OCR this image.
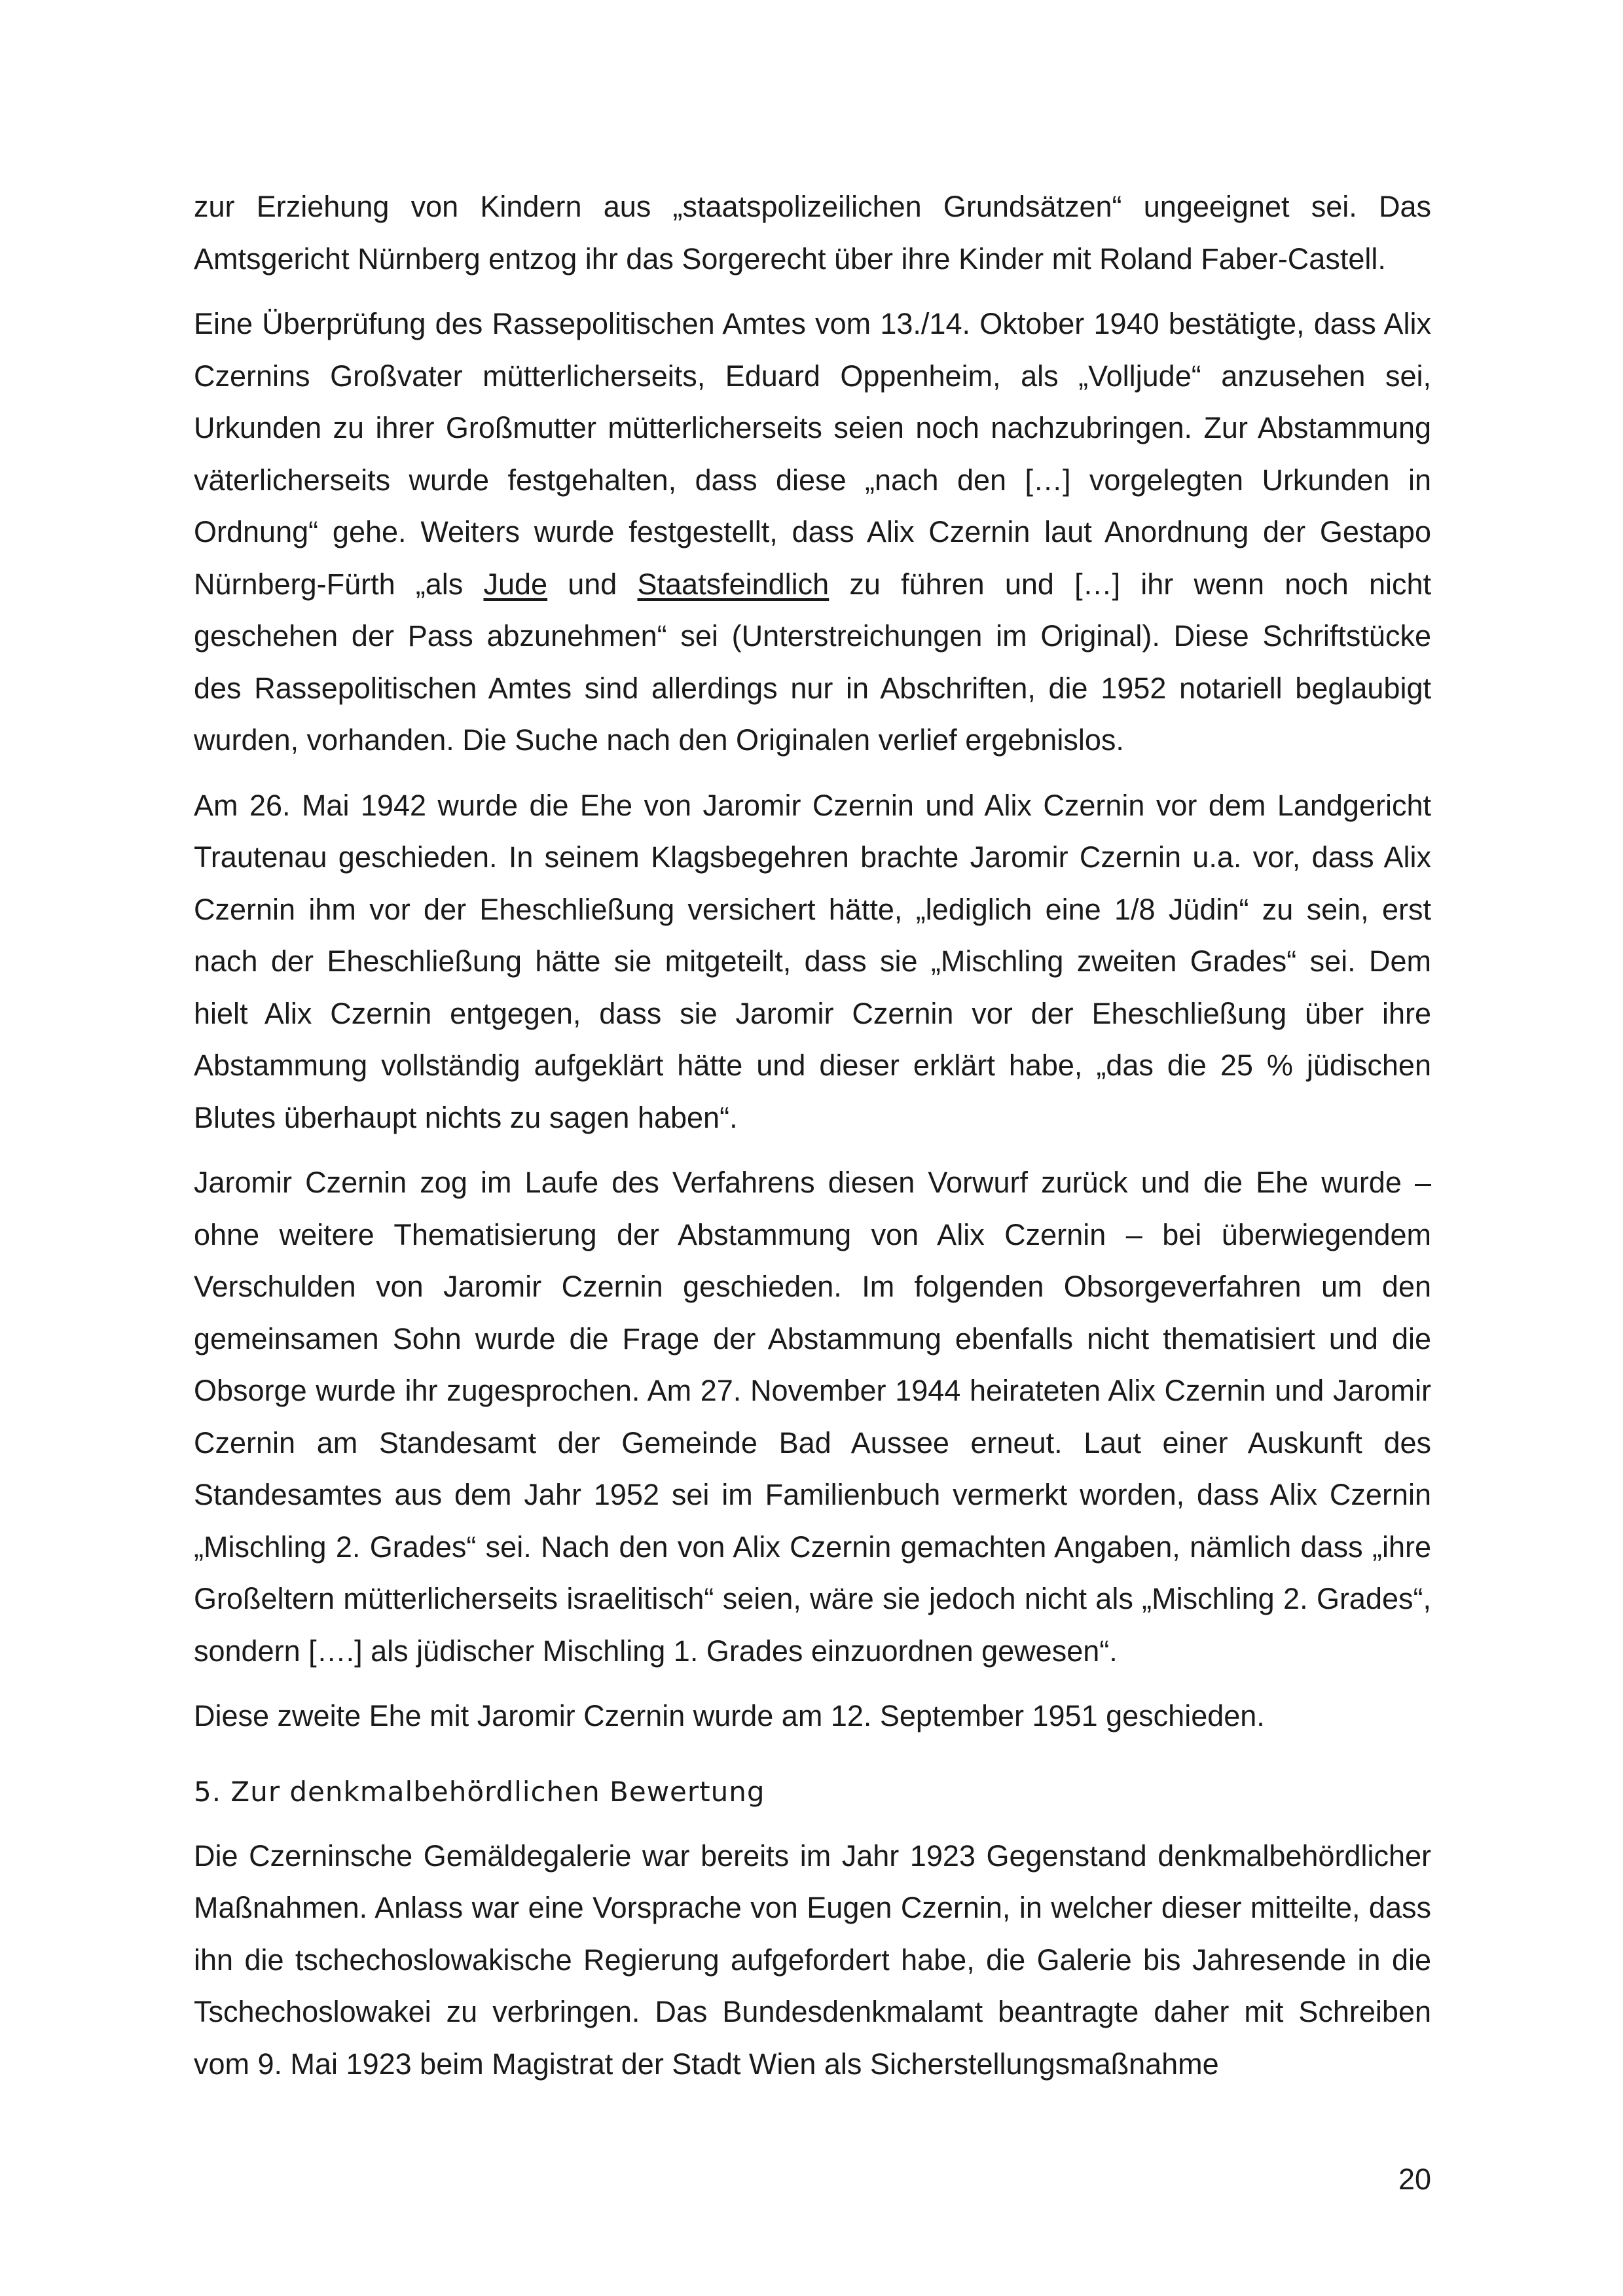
zur Erziehung von Kindern aus „staatspolizeilichen Grundsätzen“ ungeeignet sei. Das Amtsgericht Nürnberg entzog ihr das Sorgerecht über ihre Kinder mit Roland Faber-Castell.

Eine Überprüfung des Rassepolitischen Amtes vom 13./14. Oktober 1940 bestätigte, dass Alix Czernins Großvater mütterlicherseits, Eduard Oppenheim, als „Volljude“ anzusehen sei, Urkunden zu ihrer Großmutter mütterlicherseits seien noch nachzubringen. Zur Abstammung väterlicherseits wurde festgehalten, dass diese „nach den […] vorgelegten Urkunden in Ordnung“ gehe. Weiters wurde festgestellt, dass Alix Czernin laut Anordnung der Gestapo Nürnberg-Fürth „als Jude und Staatsfeindlich zu führen und […] ihr wenn noch nicht geschehen der Pass abzunehmen“ sei (Unterstreichungen im Original). Diese Schriftstücke des Rassepolitischen Amtes sind allerdings nur in Abschriften, die 1952 notariell beglaubigt wurden, vorhanden. Die Suche nach den Originalen verlief ergebnislos.

Am 26. Mai 1942 wurde die Ehe von Jaromir Czernin und Alix Czernin vor dem Landgericht Trautenau geschieden. In seinem Klagsbegehren brachte Jaromir Czernin u.a. vor, dass Alix Czernin ihm vor der Eheschließung versichert hätte, „lediglich eine 1/8 Jüdin“ zu sein, erst nach der Eheschließung hätte sie mitgeteilt, dass sie „Mischling zweiten Grades“ sei. Dem hielt Alix Czernin entgegen, dass sie Jaromir Czernin vor der Eheschließung über ihre Abstammung vollständig aufgeklärt hätte und dieser erklärt habe, „das die 25 % jüdischen Blutes überhaupt nichts zu sagen haben“.

Jaromir Czernin zog im Laufe des Verfahrens diesen Vorwurf zurück und die Ehe wurde – ohne weitere Thematisierung der Abstammung von Alix Czernin – bei überwiegendem Verschulden von Jaromir Czernin geschieden. Im folgenden Obsorgeverfahren um den gemeinsamen Sohn wurde die Frage der Abstammung ebenfalls nicht thematisiert und die Obsorge wurde ihr zugesprochen. Am 27. November 1944 heirateten Alix Czernin und Jaromir Czernin am Standesamt der Gemeinde Bad Aussee erneut. Laut einer Auskunft des Standesamtes aus dem Jahr 1952 sei im Familienbuch vermerkt worden, dass Alix Czernin „Mischling 2. Grades“ sei. Nach den von Alix Czernin gemachten Angaben, nämlich dass „ihre Großeltern mütterlicherseits israelitisch“ seien, wäre sie jedoch nicht als „Mischling 2. Grades“, sondern [….] als jüdischer Mischling 1. Grades einzuordnen gewesen“.

Diese zweite Ehe mit Jaromir Czernin wurde am 12. September 1951 geschieden.

5. Zur denkmalbehördlichen Bewertung

Die Czerninsche Gemäldegalerie war bereits im Jahr 1923 Gegenstand denkmalbehördlicher Maßnahmen. Anlass war eine Vorsprache von Eugen Czernin, in welcher dieser mitteilte, dass ihn die tschechoslowakische Regierung aufgefordert habe, die Galerie bis Jahresende in die Tschechoslowakei zu verbringen. Das Bundesdenkmalamt beantragte daher mit Schreiben vom 9. Mai 1923 beim Magistrat der Stadt Wien als Sicherstellungsmaßnahme

20
